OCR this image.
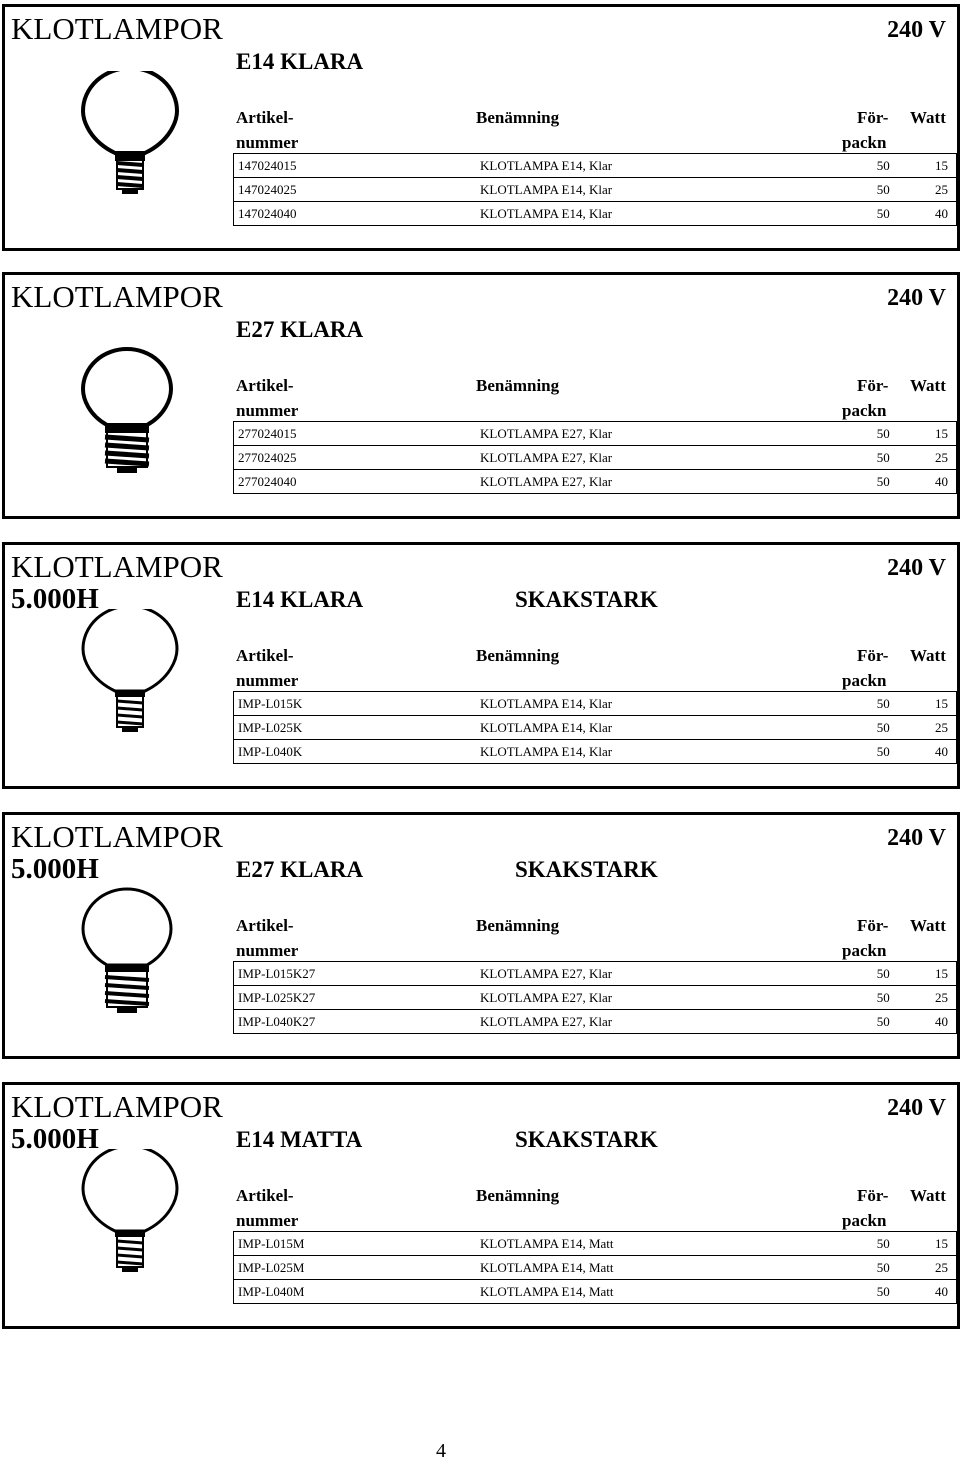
KLOTLAMPOR	240 V
E14 KLARA
Artikel-
nummer
Benämning	För-
packn
Watt
147024015	KLOTLAMPA E14, Klar	50	15
147024025	KLOTLAMPA E14, Klar	50	25
147024040	KLOTLAMPA E14, Klar	50	40
KLOTLAMPOR	240 V
E27 KLARA
Artikel-
nummer
Benämning	För-
packn
Watt
277024015	KLOTLAMPA E27, Klar	50	15
277024025	KLOTLAMPA E27, Klar	50	25
277024040	KLOTLAMPA E27, Klar	50	40
KLOTLAMPOR	240 V
5.000H	E14 KLARA	SKAKSTARK
Artikel-
nummer
Benämning	För-
packn
Watt
IMP-L015K	KLOTLAMPA E14, Klar	50	15
IMP-L025K	KLOTLAMPA E14, Klar	50	25
IMP-L040K	KLOTLAMPA E14, Klar	50	40
KLOTLAMPOR	240 V
5.000H	E27 KLARA	SKAKSTARK
Artikel-
nummer
Benämning	För-
packn
Watt
IMP-L015K27	KLOTLAMPA E27, Klar	50	15
IMP-L025K27	KLOTLAMPA E27, Klar	50	25
IMP-L040K27	KLOTLAMPA E27, Klar	50	40
KLOTLAMPOR	240 V
5.000H	E14 MATTA	SKAKSTARK
Artikel-
nummer
Benämning	För-
packn
Watt
IMP-L015M	KLOTLAMPA E14, Matt	50	15
IMP-L025M	KLOTLAMPA E14, Matt	50	25
IMP-L040M	KLOTLAMPA E14, Matt	50	40
4
